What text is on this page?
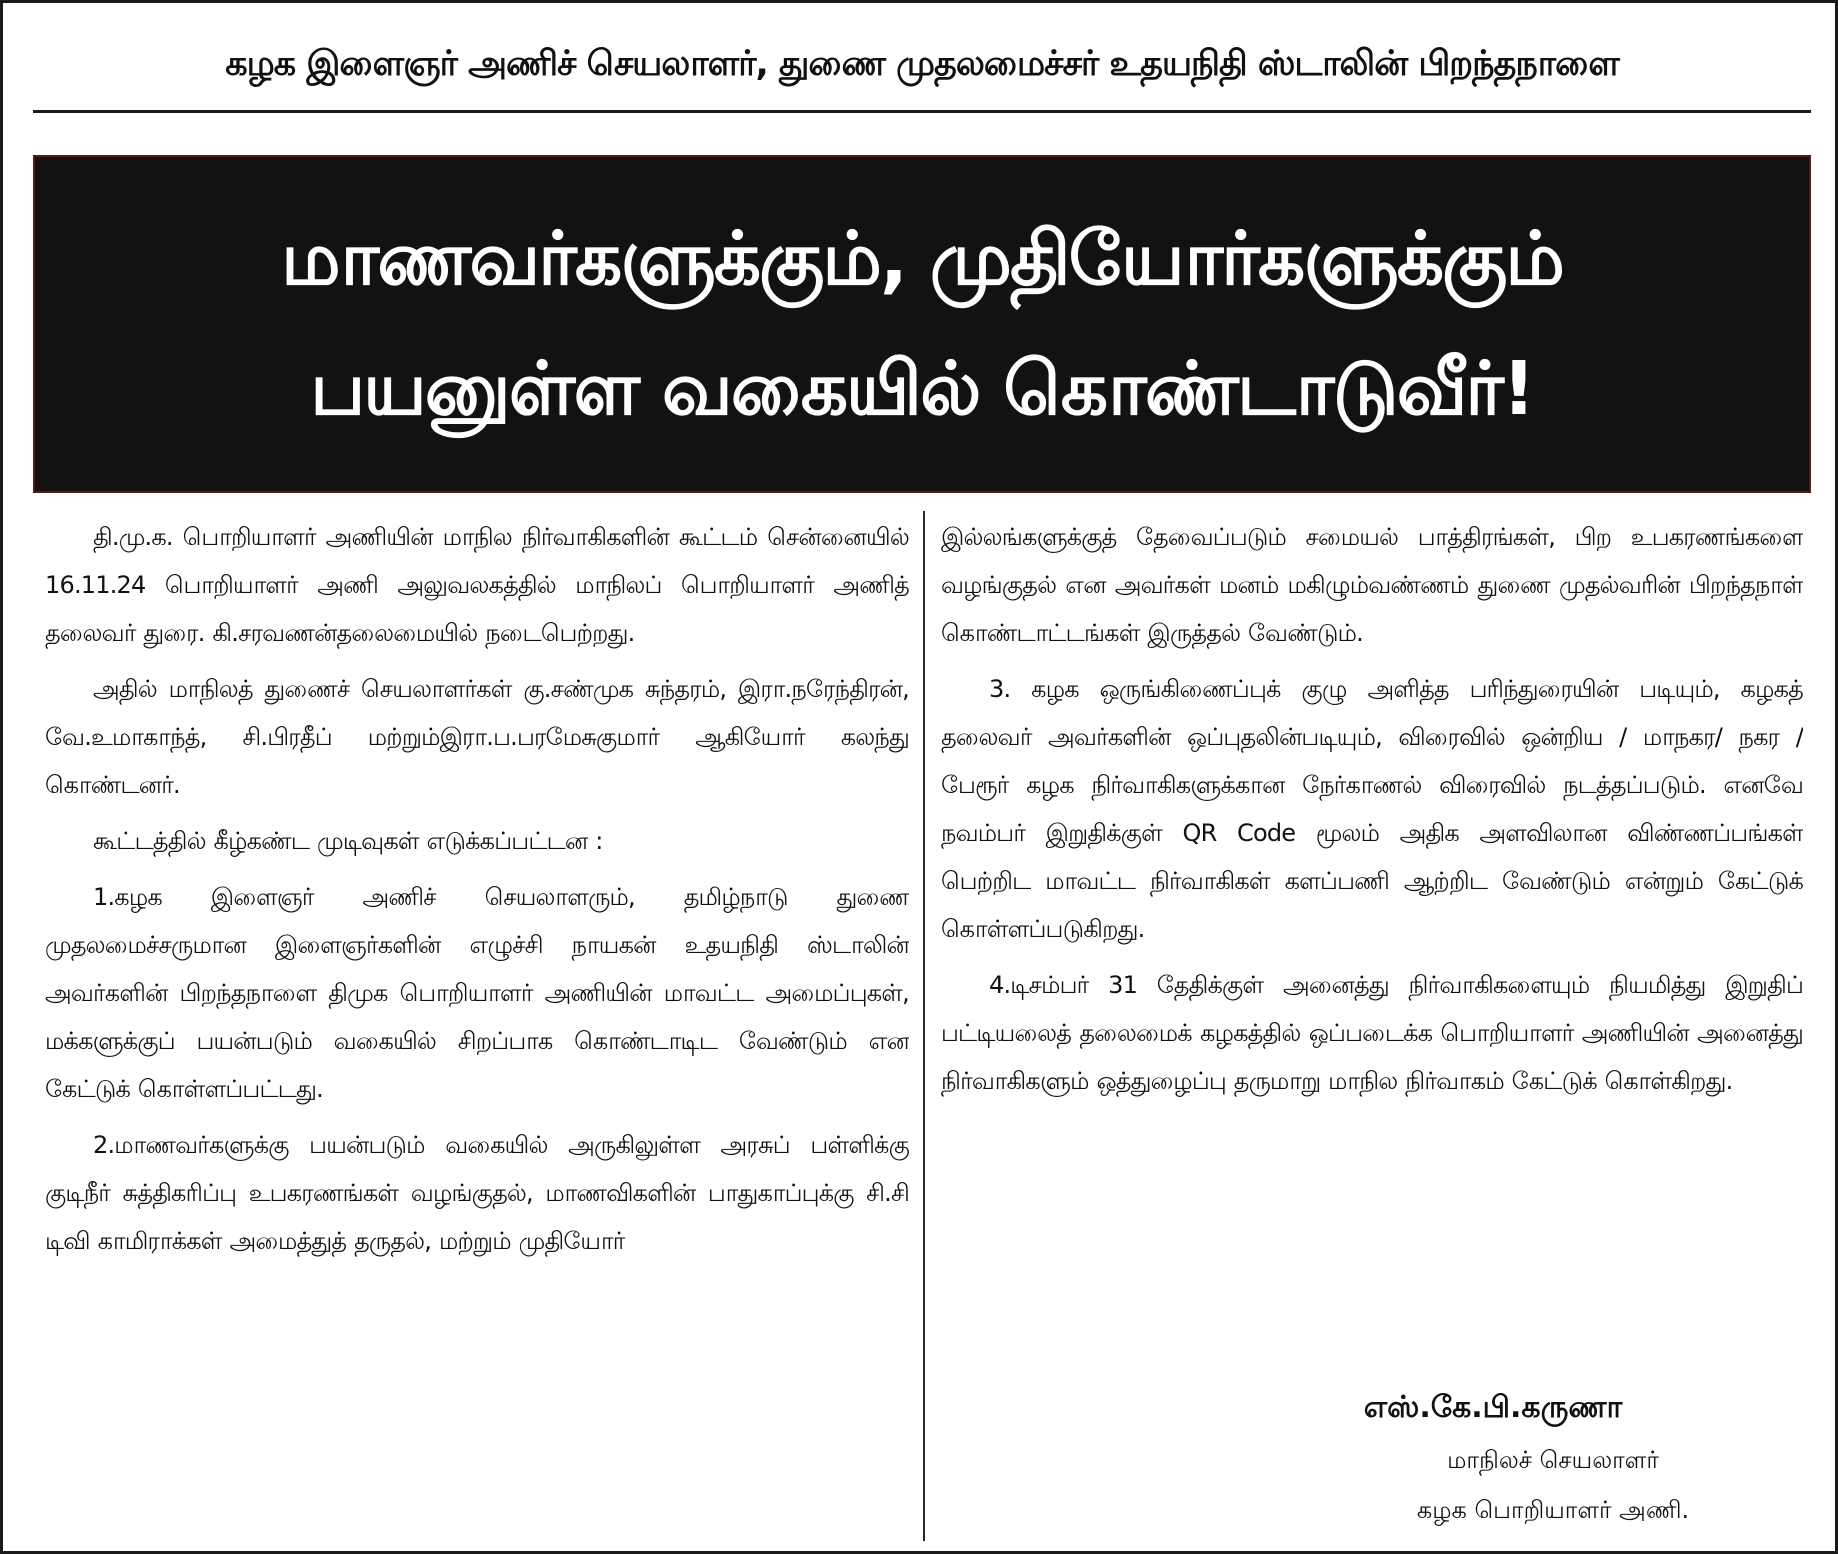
கழக இளைஞர் அணிச் செயலாளர், துணை முதலமைச்சர் உதயநிதி ஸ்டாலின் பிறந்தநாளை
மாணவர்களுக்கும், முதியோர்களுக்கும்
பயனுள்ள வகையில் கொண்டாடுவீர்!

தி.மு.க. பொறியாளர் அணியின் மாநில நிர்வாகிகளின் கூட்டம் சென்னையில் 16.11.24 பொறியாளர் அணி அலுவலகத்தில் மாநிலப் பொறியாளர் அணித் தலைவர் துரை. கி.சரவணன்தலைமையில் நடைபெற்றது.

அதில் மாநிலத் துணைச் செயலாளர்கள் கு.சண்முக சுந்தரம், இரா.நரேந்திரன், வே.உமாகாந்த், சி.பிரதீப் மற்றும்இரா.ப.பரமேசுகுமார் ஆகியோர் கலந்து கொண்டனர்.

கூட்டத்தில் கீழ்கண்ட முடிவுகள் எடுக்கப்பட்டன :

1.கழக இளைஞர் அணிச் செயலாளரும், தமிழ்நாடு துணை முதலமைச்சருமான இளைஞர்களின் எழுச்சி நாயகன் உதயநிதி ஸ்டாலின் அவர்களின் பிறந்தநாளை திமுக பொறியாளர் அணியின் மாவட்ட அமைப்புகள், மக்களுக்குப் பயன்படும் வகையில் சிறப்பாக கொண்டாடிட வேண்டும் என கேட்டுக் கொள்ளப்பட்டது.

2.மாணவர்களுக்கு பயன்படும் வகையில் அருகிலுள்ள அரசுப் பள்ளிக்கு குடிநீர் சுத்திகரிப்பு உபகரணங்கள் வழங்குதல், மாணவிகளின் பாதுகாப்புக்கு சி.சி டிவி காமிராக்கள் அமைத்துத் தருதல், மற்றும் முதியோர்

இல்லங்களுக்குத் தேவைப்படும் சமையல் பாத்திரங்கள், பிற உபகரணங்களை வழங்குதல் என அவர்கள் மனம் மகிழும்வண்ணம் துணை முதல்வரின் பிறந்தநாள் கொண்டாட்டங்கள் இருத்தல் வேண்டும்.

3. கழக ஒருங்கிணைப்புக் குழு அளித்த பரிந்துரையின் படியும், கழகத் தலைவர் அவர்களின் ஒப்புதலின்படியும், விரைவில் ஒன்றிய / மாநகர/ நகர / பேரூர் கழக நிர்வாகிகளுக்கான நேர்காணல் விரைவில் நடத்தப்படும். எனவே நவம்பர் இறுதிக்குள் QR Code மூலம் அதிக அளவிலான விண்ணப்பங்கள் பெற்றிட மாவட்ட நிர்வாகிகள் களப்பணி ஆற்றிட வேண்டும் என்றும் கேட்டுக் கொள்ளப்படுகிறது.

4.டிசம்பர் 31 தேதிக்குள் அனைத்து நிர்வாகிகளையும் நியமித்து இறுதிப் பட்டியலைத் தலைமைக் கழகத்தில் ஒப்படைக்க பொறியாளர் அணியின் அனைத்து நிர்வாகிகளும் ஒத்துழைப்பு தருமாறு மாநில நிர்வாகம் கேட்டுக் கொள்கிறது.

எஸ்.கே.பி.கருணா
மாநிலச் செயலாளர்
கழக பொறியாளர் அணி.
